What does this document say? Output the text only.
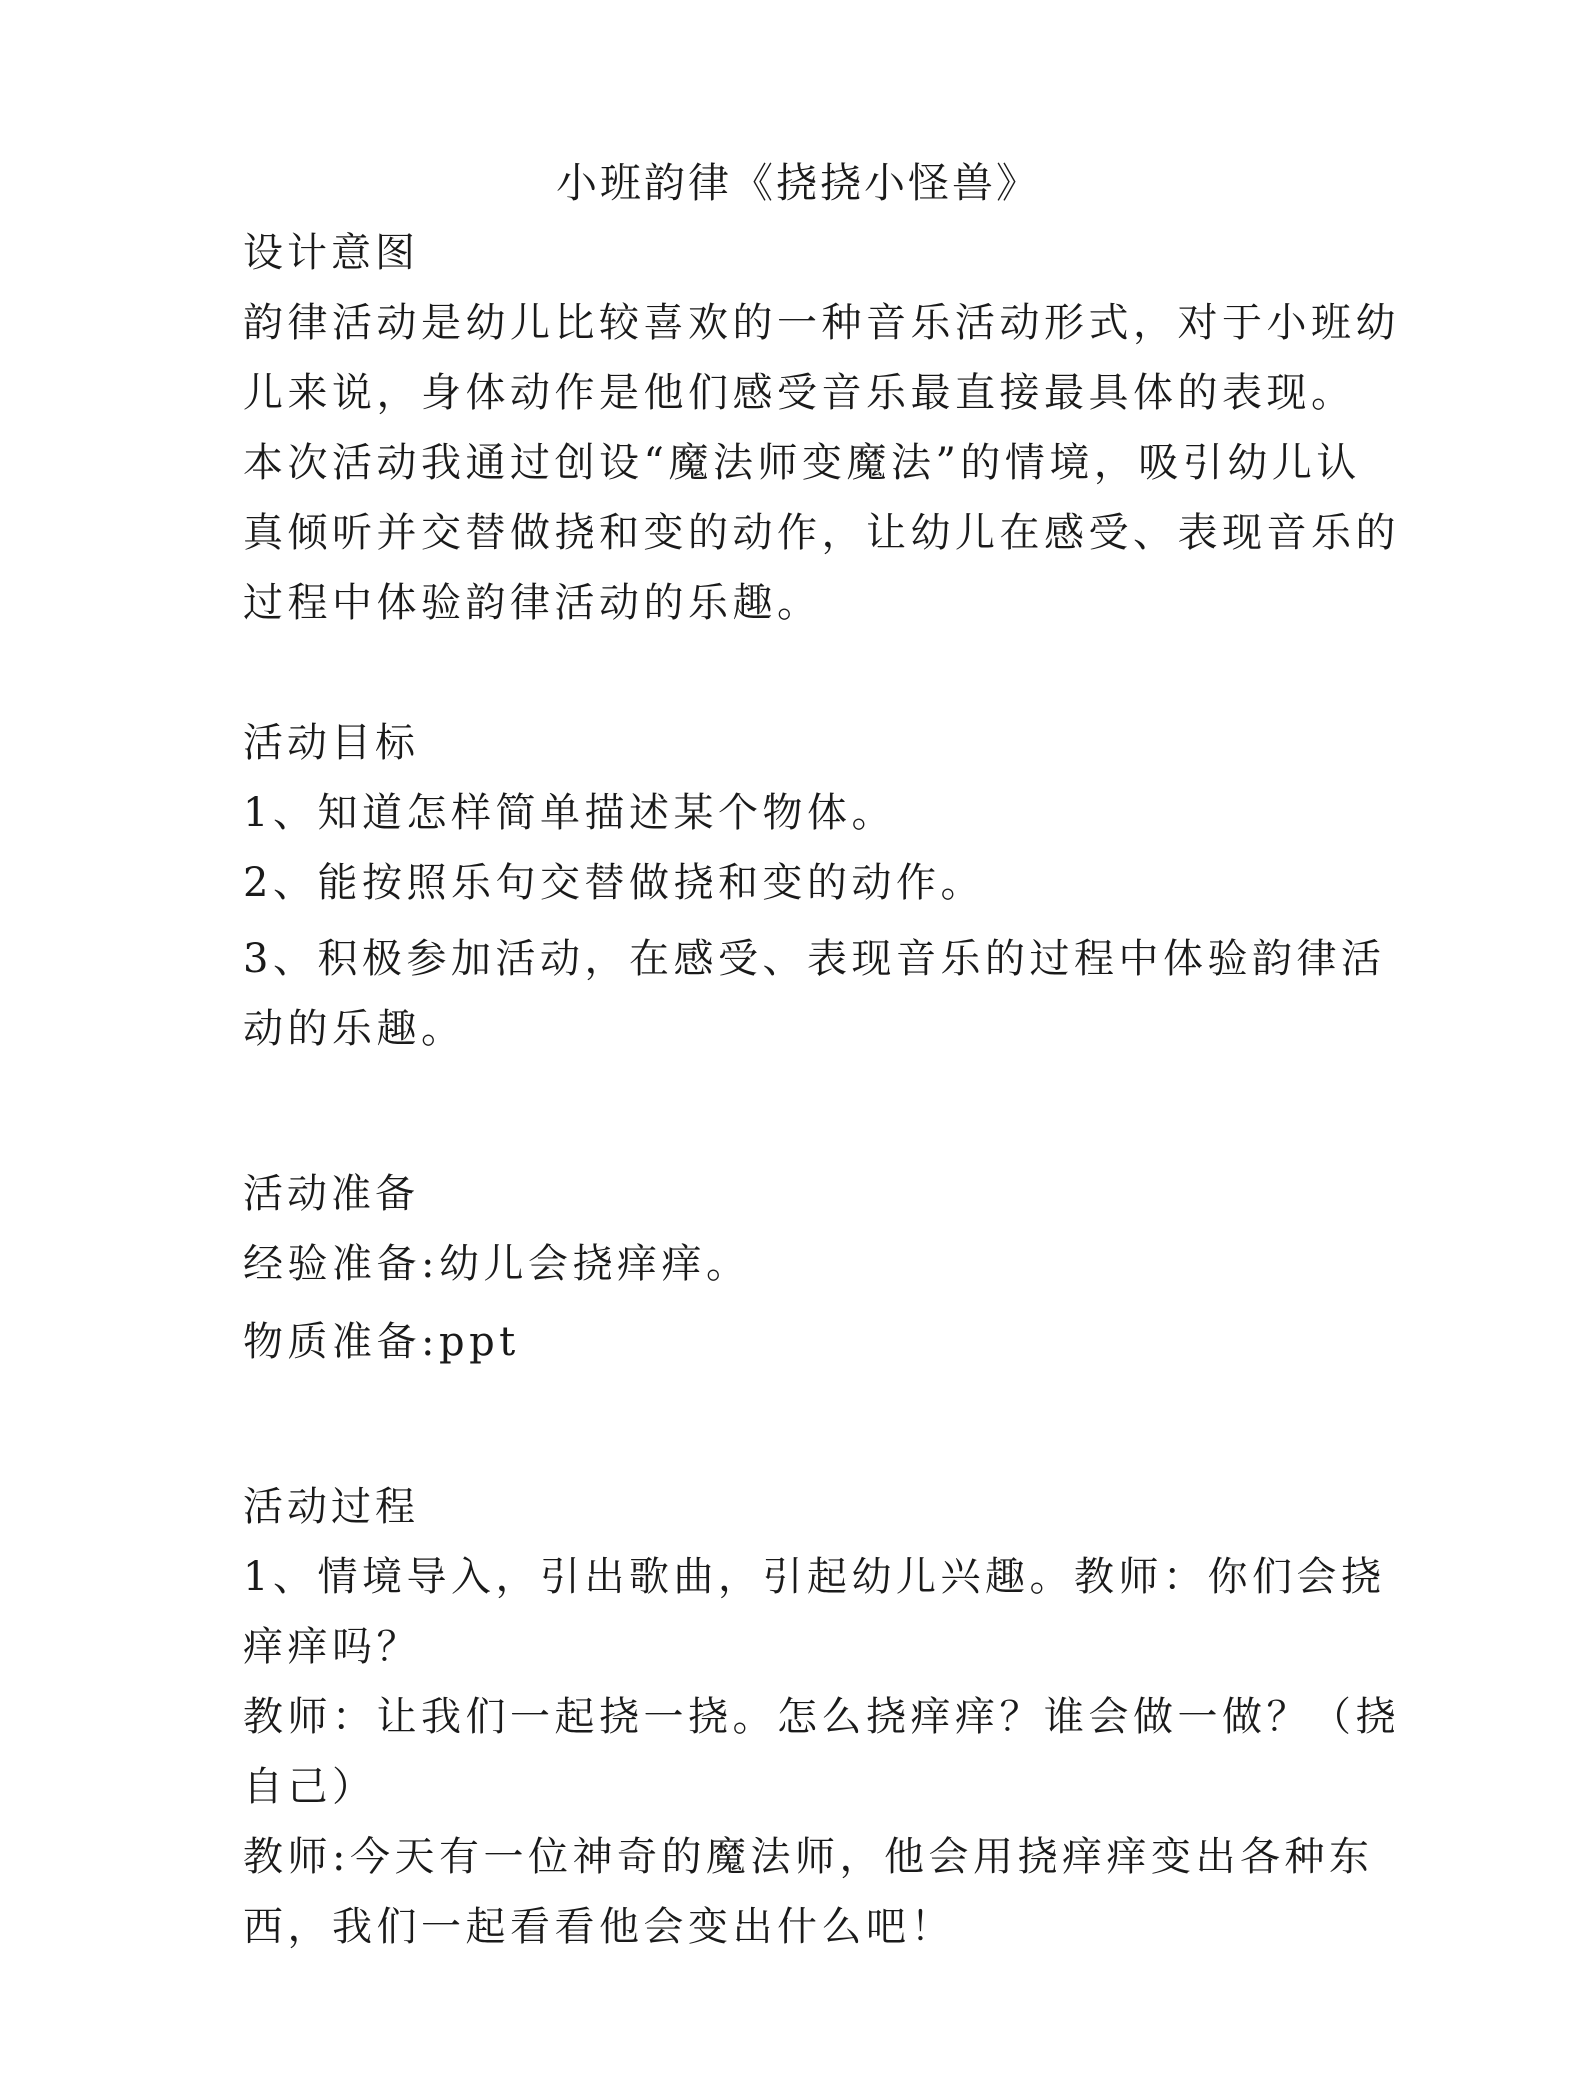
小班韵律《挠挠小怪兽》

设计意图

韵律活动是幼儿比较喜欢的一种音乐活动形式，对于小班幼

儿来说，身体动作是他们感受音乐最直接最具体的表现。

本次活动我通过创设“魔法师变魔法”的情境，吸引幼儿认

真倾听并交替做挠和变的动作，让幼儿在感受、表现音乐的

过程中体验韵律活动的乐趣。

活动目标

1、知道怎样简单描述某个物体。

2、能按照乐句交替做挠和变的动作。

3、积极参加活动，在感受、表现音乐的过程中体验韵律活

动的乐趣。

活动准备

经验准备:幼儿会挠痒痒。

物质准备:ppt

活动过程

1、情境导入，引出歌曲，引起幼儿兴趣。教师：你们会挠

痒痒吗？

教师：让我们一起挠一挠。怎么挠痒痒？谁会做一做？（挠

自己）

教师:今天有一位神奇的魔法师，他会用挠痒痒变出各种东

西，我们一起看看他会变出什么吧！
